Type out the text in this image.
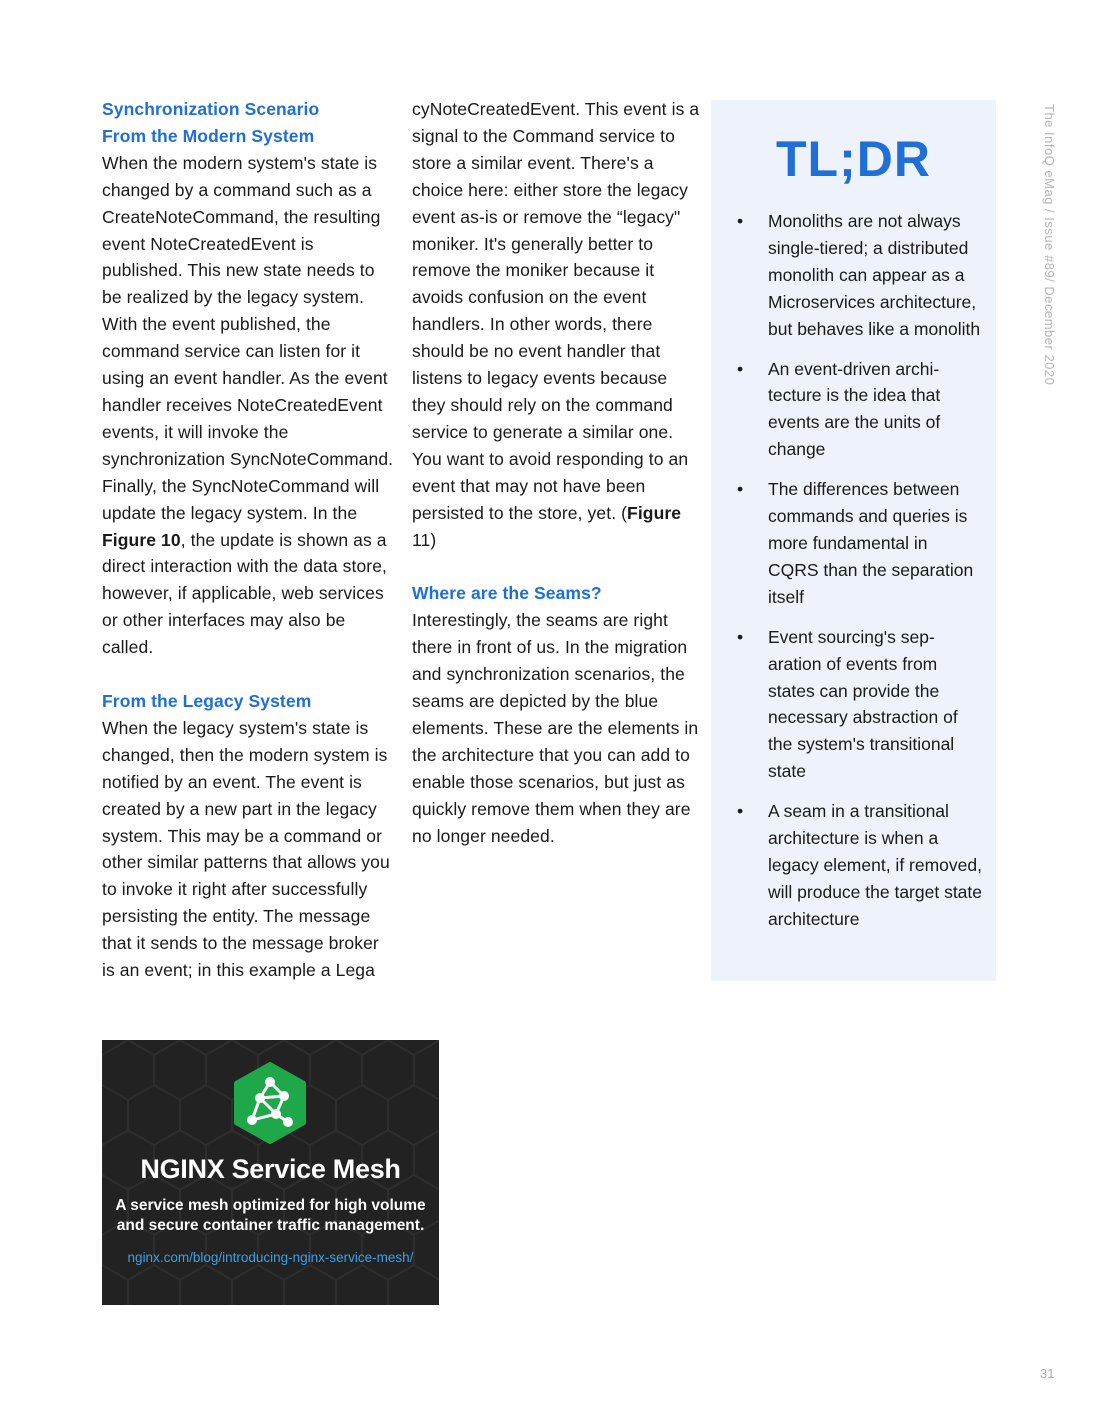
Synchronization Scenario
From the Modern System
When the modern system's state is changed by a command such as a CreateNoteCommand, the resulting event NoteCreatedEvent is published. This new state needs to be realized by the legacy system. With the event published, the command service can listen for it using an event handler. As the event handler receives NoteCreatedEvent events, it will invoke the synchronization SyncNoteCommand. Finally, the SyncNoteCommand will update the legacy system. In the Figure 10, the update is shown as a direct interaction with the data store, however, if applicable, web services or other interfaces may also be called.
From the Legacy System
When the legacy system's state is changed, then the modern system is notified by an event. The event is created by a new part in the legacy system. This may be a command or other similar patterns that allows you to invoke it right after successfully persisting the entity. The message that it sends to the message broker is an event; in this example a Lega
cyNoteCreatedEvent. This event is a signal to the Command service to store a similar event. There's a choice here: either store the legacy event as-is or remove the “legacy" moniker. It's generally better to remove the moniker because it avoids confusion on the event handlers. In other words, there should be no event handler that listens to legacy events because they should rely on the command service to generate a similar one. You want to avoid responding to an event that may not have been persisted to the store, yet. (Figure 11)
Where are the Seams?
Interestingly, the seams are right there in front of us. In the migration and synchronization scenarios, the seams are depicted by the blue elements. These are the elements in the architecture that you can add to enable those scenarios, but just as quickly remove them when they are no longer needed.
TL;DR
• Monoliths are not always single-tiered; a distributed monolith can appear as a Microservices architecture, but behaves like a monolith
• An event-driven architecture is the idea that events are the units of change
• The differences between commands and queries is more fundamental in CQRS than the separation itself
• Event sourcing's separation of events from states can provide the necessary abstraction of the system's transitional state
• A seam in a transitional architecture is when a legacy element, if removed, will produce the target state architecture
The InfoQ eMag / Issue #89/ December 2020
31
NGINX Service Mesh
A service mesh optimized for high volume
and secure container traffic management.
nginx.com/blog/introducing-nginx-service-mesh/
